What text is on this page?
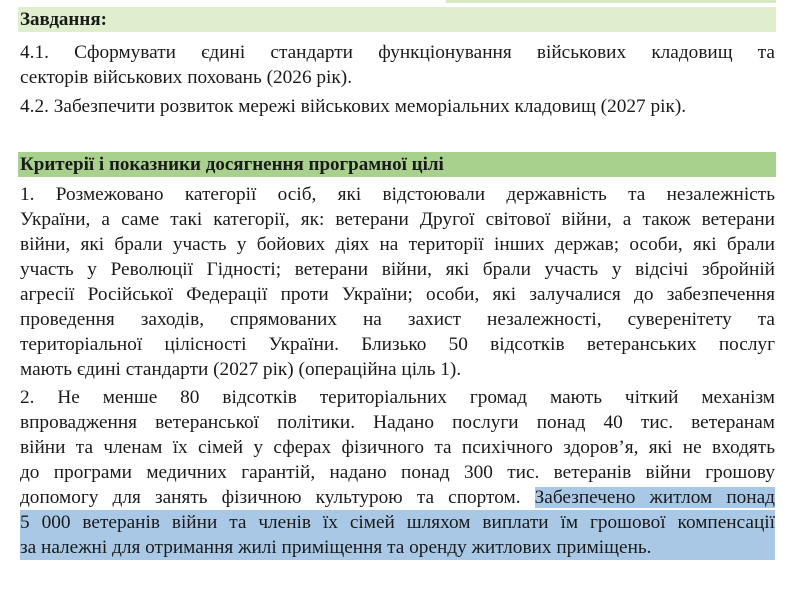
Завдання:
4.1. Сформувати єдині стандарти функціонування військових кладовищ та
секторів військових поховань (2026 рік).
4.2. Забезпечити розвиток мережі військових меморіальних кладовищ (2027 рік).
Критерії і показники досягнення програмної цілі
1. Розмежовано категорії осіб, які відстоювали державність та незалежність
України, а саме такі категорії, як: ветерани Другої світової війни, а також ветерани
війни, які брали участь у бойових діях на території інших держав; особи, які брали
участь у Революції Гідності; ветерани війни, які брали участь у відсічі збройній
агресії Російської Федерації проти України; особи, які залучалися до забезпечення
проведення заходів, спрямованих на захист незалежності, суверенітету та
територіальної цілісності України. Близько 50 відсотків ветеранських послуг
мають єдині стандарти (2027 рік) (операційна ціль 1).
2. Не менше 80 відсотків територіальних громад мають чіткий механізм
впровадження ветеранської політики. Надано послуги понад 40 тис. ветеранам
війни та членам їх сімей у сферах фізичного та психічного здоров’я, які не входять
до програми медичних гарантій, надано понад 300 тис. ветеранів війни грошову
допомогу для занять фізичною культурою та спортом. Забезпечено житлом понад
5 000 ветеранів війни та членів їх сімей шляхом виплати їм грошової компенсації
за належні для отримання жилі приміщення та оренду житлових приміщень.
